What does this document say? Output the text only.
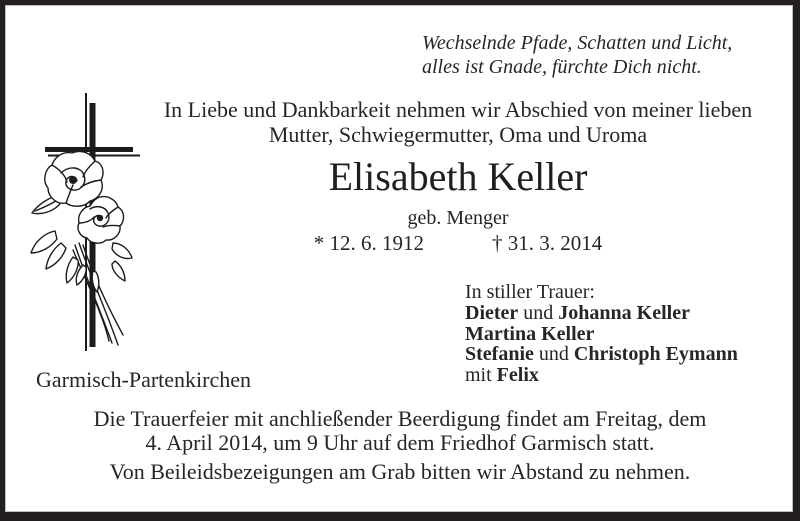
Wechselnde Pfade, Schatten und Licht,
alles ist Gnade, fürchte Dich nicht.
In Liebe und Dankbarkeit nehmen wir Abschied von meiner lieben
Mutter, Schwiegermutter, Oma und Uroma
Elisabeth Keller
geb. Menger
* 12. 6. 1912	† 31. 3. 2014
In stiller Trauer:
Dieter und Johanna Keller
Martina Keller
Stefanie und Christoph Eymann
mit Felix
Garmisch-Partenkirchen
Die Trauerfeier mit anchließender Beerdigung findet am Freitag, dem
4. April 2014, um 9 Uhr auf dem Friedhof Garmisch statt.
Von Beileidsbezeigungen am Grab bitten wir Abstand zu nehmen.
